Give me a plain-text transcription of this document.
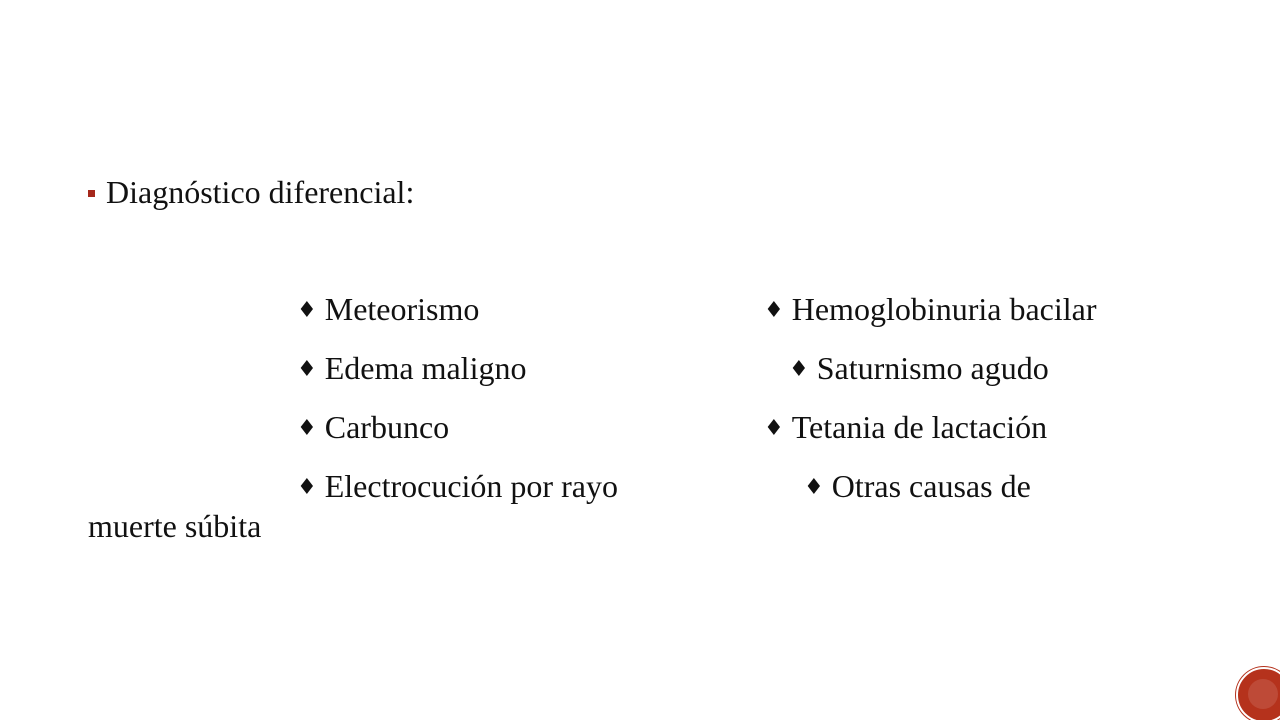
Diagnóstico diferencial:
♦ Meteorismo
♦ Edema maligno
♦ Carbunco
♦ Electrocución por rayo
♦ Hemoglobinuria bacilar
♦ Saturnismo agudo
♦ Tetania de lactación
♦ Otras causas de
muerte súbita
